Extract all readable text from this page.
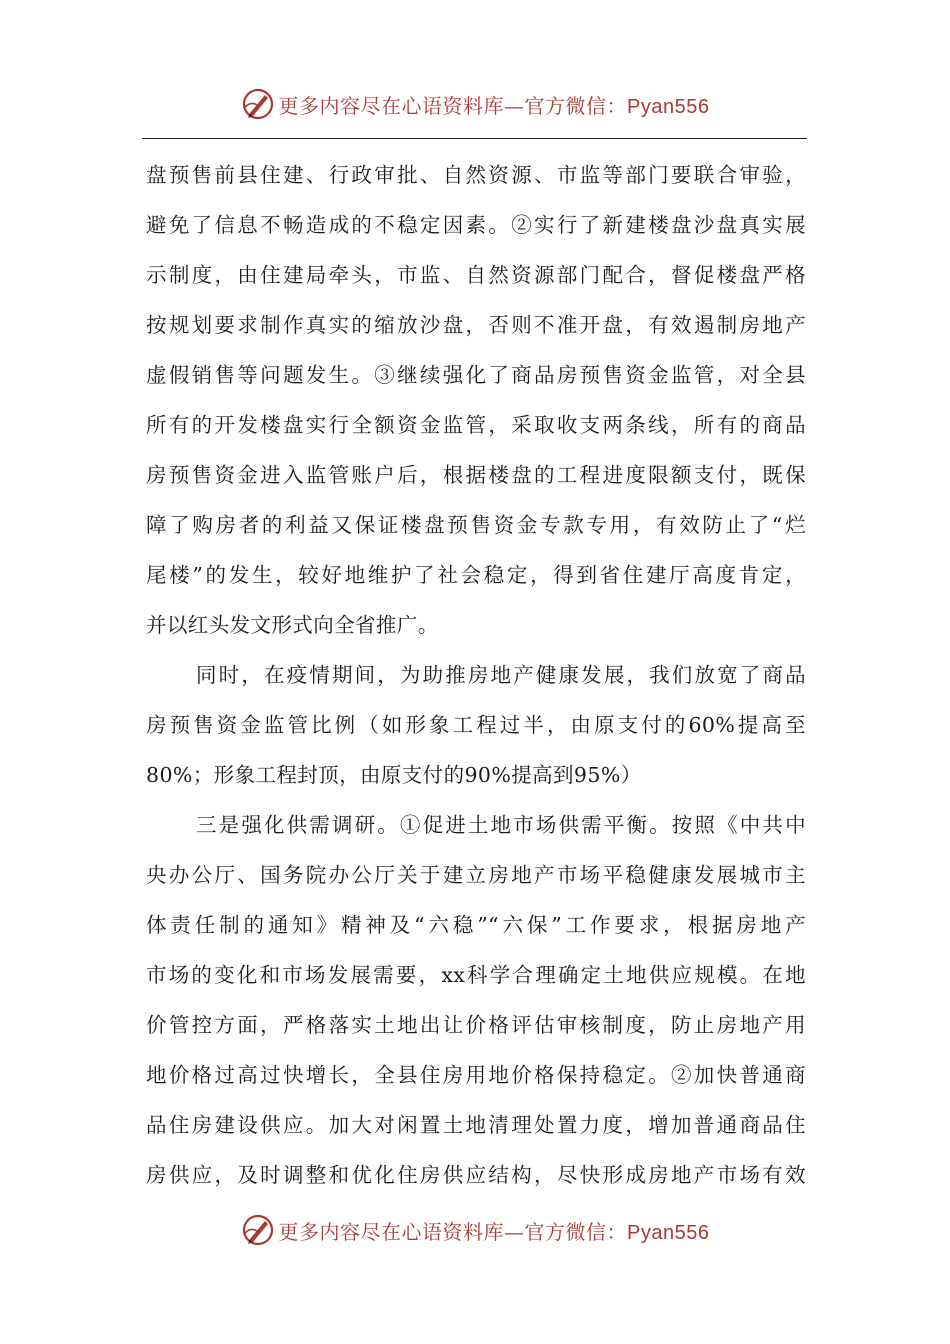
更多内容尽在心语资料库—官方微信：Pyan556
盘预售前县住建、行政审批、自然资源、市监等部门要联合审验，
避免了信息不畅造成的不稳定因素。②实行了新建楼盘沙盘真实展
示制度，由住建局牵头，市监、自然资源部门配合，督促楼盘严格
按规划要求制作真实的缩放沙盘，否则不准开盘，有效遏制房地产
虚假销售等问题发生。③继续强化了商品房预售资金监管，对全县
所有的开发楼盘实行全额资金监管，采取收支两条线，所有的商品
房预售资金进入监管账户后，根据楼盘的工程进度限额支付，既保
障了购房者的利益又保证楼盘预售资金专款专用，有效防止了“烂
尾楼”的发生，较好地维护了社会稳定，得到省住建厅高度肯定，
并以红头发文形式向全省推广。
同时，在疫情期间，为助推房地产健康发展，我们放宽了商品
房预售资金监管比例（如形象工程过半，由原支付的60%提高至
80%；形象工程封顶，由原支付的90%提高到95%）
三是强化供需调研。①促进土地市场供需平衡。按照《中共中
央办公厅、国务院办公厅关于建立房地产市场平稳健康发展城市主
体责任制的通知》精神及“六稳”“六保”工作要求，根据房地产
市场的变化和市场发展需要，xx科学合理确定土地供应规模。在地
价管控方面，严格落实土地出让价格评估审核制度，防止房地产用
地价格过高过快增长，全县住房用地价格保持稳定。②加快普通商
品住房建设供应。加大对闲置土地清理处置力度，增加普通商品住
房供应，及时调整和优化住房供应结构，尽快形成房地产市场有效
更多内容尽在心语资料库—官方微信：Pyan556
